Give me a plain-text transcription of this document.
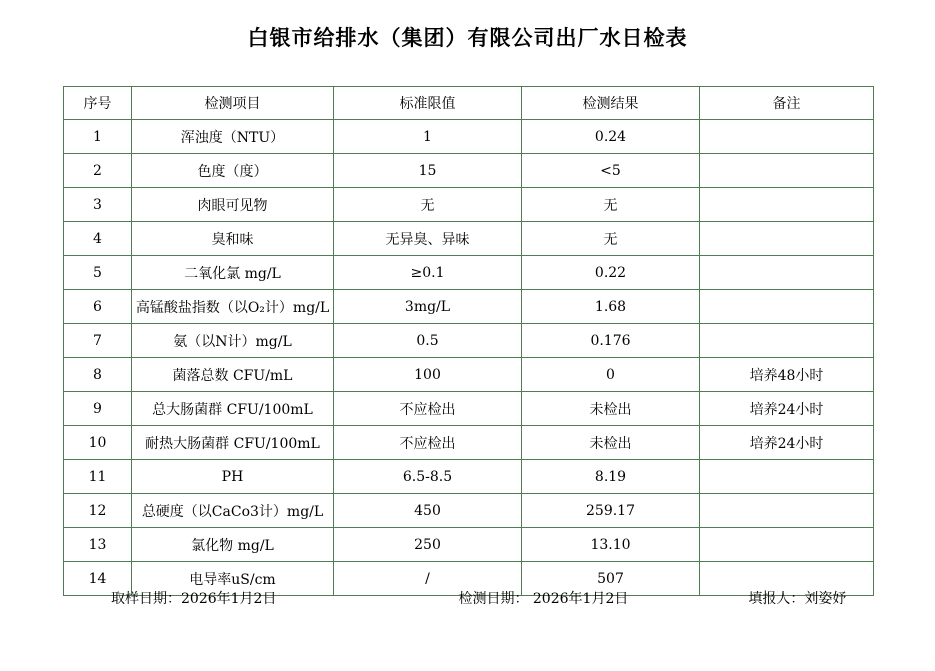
白银市给排水（集团）有限公司出厂水日检表
序号	检测项目	标准限值	检测结果	备注
1	浑浊度（NTU）	1	0.24	
2	色度（度）	15	<5	
3	肉眼可见物	无	无	
4	臭和味	无异臭、异味	无	
5	二氧化氯 mg/L	≥0.1	0.22	
6	高锰酸盐指数（以O₂计）mg/L	3mg/L	1.68	
7	氨（以N计）mg/L	0.5	0.176	
8	菌落总数 CFU/mL	100	0	培养48小时
9	总大肠菌群 CFU/100mL	不应检出	未检出	培养24小时
10	耐热大肠菌群 CFU/100mL	不应检出	未检出	培养24小时
11	PH	6.5-8.5	8.19	
12	总硬度（以CaCo3计）mg/L	450	259.17	
13	氯化物 mg/L	250	13.10	
14	电导率uS/cm	/	507	
取样日期：2026年1月2日	检测日期： 2026年1月2日	填报人：刘姿妤
